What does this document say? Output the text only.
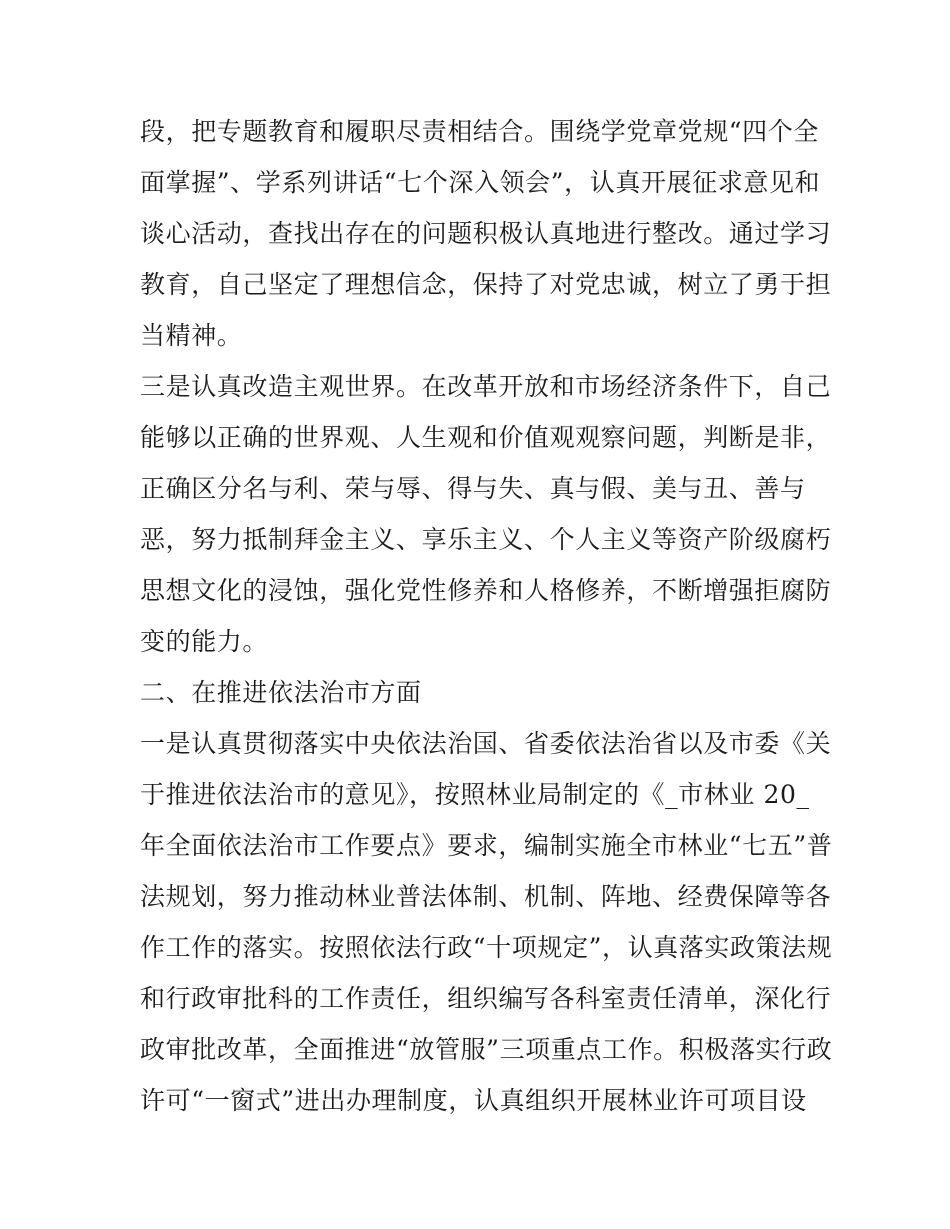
段，把专题教育和履职尽责相结合。围绕学党章党规“四个全
面掌握”、学系列讲话“七个深入领会”，认真开展征求意见和
谈心活动，查找出存在的问题积极认真地进行整改。通过学习
教育，自己坚定了理想信念，保持了对党忠诚，树立了勇于担
当精神。
三是认真改造主观世界。在改革开放和市场经济条件下，自己
能够以正确的世界观、人生观和价值观观察问题，判断是非，
正确区分名与利、荣与辱、得与失、真与假、美与丑、善与
恶，努力抵制拜金主义、享乐主义、个人主义等资产阶级腐朽
思想文化的浸蚀，强化党性修养和人格修养，不断增强拒腐防
变的能力。
二、在推进依法治市方面
一是认真贯彻落实中央依法治国、省委依法治省以及市委《关
于推进依法治市的意见》，按照林业局制定的《_市林业 20_
年全面依法治市工作要点》要求，编制实施全市林业“七五”普
法规划，努力推动林业普法体制、机制、阵地、经费保障等各
作工作的落实。按照依法行政“十项规定”，认真落实政策法规
和行政审批科的工作责任，组织编写各科室责任清单，深化行
政审批改革，全面推进“放管服”三项重点工作。积极落实行政
许可“一窗式”进出办理制度，认真组织开展林业许可项目设
